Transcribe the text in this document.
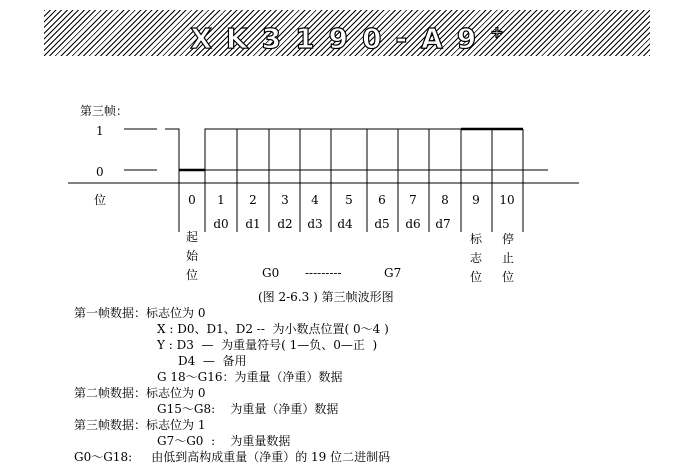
XK3190-A9+
第三帧：
1
0
位	0	1	2	3	4	5	6	7	8	9	10
d0	d1	d2	d3	d4	d5	d6	d7
起
始
位
标
志
位
停
止
位
G0 ---------	G7
(图 2-6.3 ) 第三帧波形图
第一帧数据：标志位为 0
X : D0、D1、D2 --  为小数点位置( 0～4 )
Y : D3  —  为重量符号( 1—负、0—正  )
D4  —  备用
G 18～G16：为重量（净重）数据
第二帧数据：标志位为 0
G15～G8:    为重量（净重）数据
第三帧数据：标志位为 1
G7～G0  :    为重量数据
G0～G18:     由低到高构成重量（净重）的 19 位二进制码
